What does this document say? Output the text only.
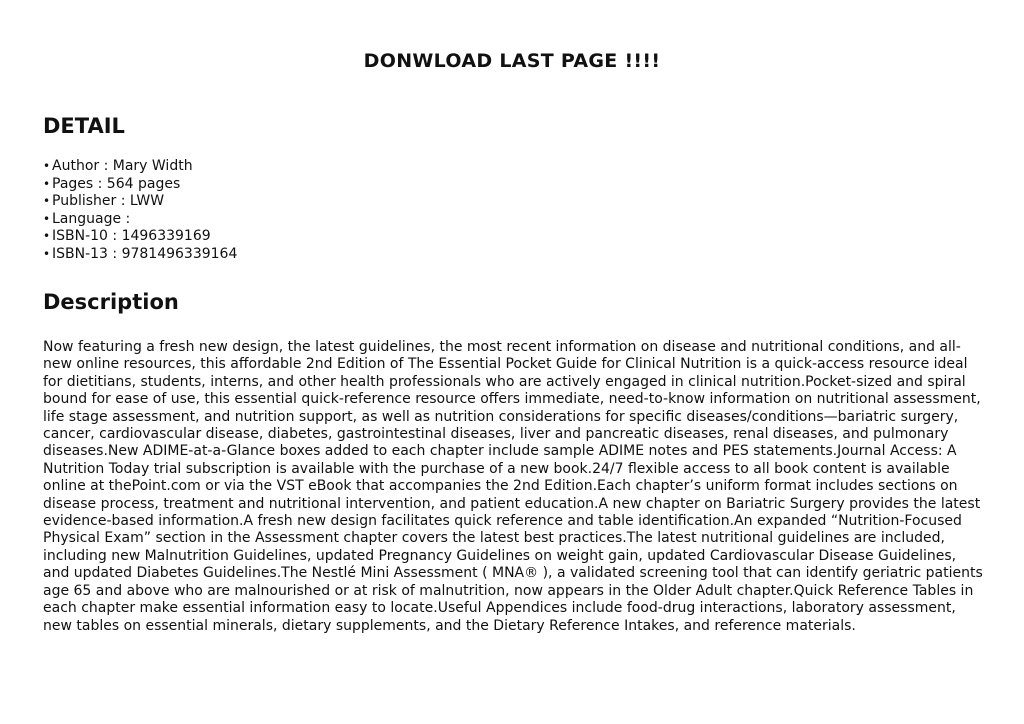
DONWLOAD LAST PAGE !!!!
DETAIL
• Author : Mary Width
• Pages : 564 pages
• Publisher : LWW
• Language :
• ISBN-10 : 1496339169
• ISBN-13 : 9781496339164
Description

Now featuring a fresh new design, the latest guidelines, the most recent information on disease and nutritional conditions, and all-new online resources, this affordable 2nd Edition of The Essential Pocket Guide for Clinical Nutrition is a quick-access resource ideal for dietitians, students, interns, and other health professionals who are actively engaged in clinical nutrition.Pocket-sized and spiral bound for ease of use, this essential quick-reference resource offers immediate, need-to-know information on nutritional assessment, life stage assessment, and nutrition support, as well as nutrition considerations for specific diseases/conditions—bariatric surgery, cancer, cardiovascular disease, diabetes, gastrointestinal diseases, liver and pancreatic diseases, renal diseases, and pulmonary diseases.New ADIME-at-a-Glance boxes added to each chapter include sample ADIME notes and PES statements.Journal Access: A Nutrition Today trial subscription is available with the purchase of a new book.24/7 flexible access to all book content is available online at thePoint.com or via the VST eBook that accompanies the 2nd Edition.Each chapter’s uniform format includes sections on disease process, treatment and nutritional intervention, and patient education.A new chapter on Bariatric Surgery provides the latest evidence-based information.A fresh new design facilitates quick reference and table identification.An expanded “Nutrition-Focused Physical Exam” section in the Assessment chapter covers the latest best practices.The latest nutritional guidelines are included, including new Malnutrition Guidelines, updated Pregnancy Guidelines on weight gain, updated Cardiovascular Disease Guidelines, and updated Diabetes Guidelines.The Nestlé Mini Assessment ( MNA® ), a validated screening tool that can identify geriatric patients age 65 and above who are malnourished or at risk of malnutrition, now appears in the Older Adult chapter.Quick Reference Tables in each chapter make essential information easy to locate.Useful Appendices include food-drug interactions, laboratory assessment, new tables on essential minerals, dietary supplements, and the Dietary Reference Intakes, and reference materials.
